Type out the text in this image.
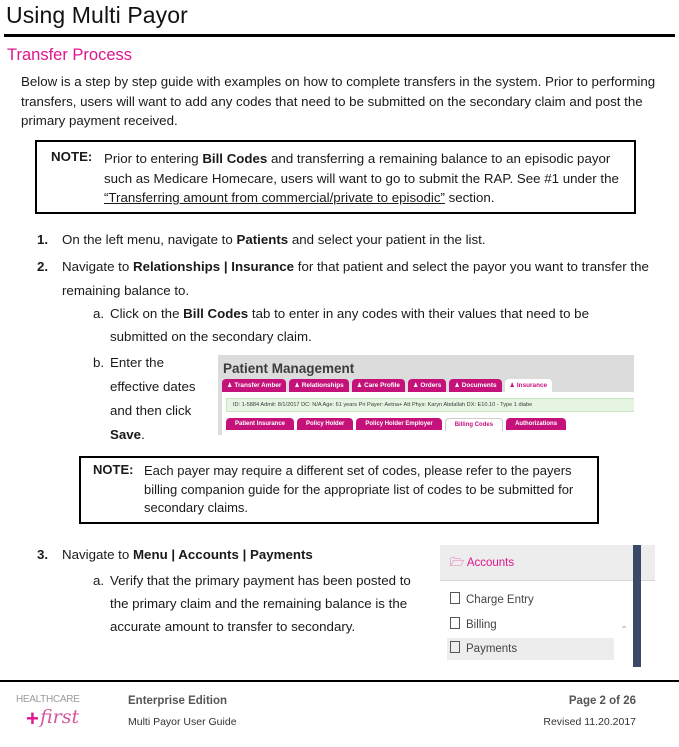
Using Multi Payor
Transfer Process
Below is a step by step guide with examples on how to complete transfers in the system. Prior to performing transfers, users will want to add any codes that need to be submitted on the secondary claim and post the primary payment received.
NOTE: Prior to entering Bill Codes and transferring a remaining balance to an episodic payor such as Medicare Homecare, users will want to go to submit the RAP. See #1 under the “Transferring amount from commercial/private to episodic” section.
1. On the left menu, navigate to Patients and select your patient in the list.
2. Navigate to Relationships | Insurance for that patient and select the payor you want to transfer the remaining balance to.
a. Click on the Bill Codes tab to enter in any codes with their values that need to be submitted on the secondary claim.
b. Enter the
effective dates
and then click
Save.
Patient Management
♟ Transfer Amber	♟ Relationships	♟ Care Profile	♟ Orders	♟ Documents	♟ Insurance
ID: 1-5884 Admit: 8/1/2017 DC: N/A Age: 61 years Pri Payer: Aetna+ Att Phys: Karyn Abdallah DX: E10.10 - Type 1 diabe
Patient Insurance	Policy Holder	Policy Holder Employer	Billing Codes	Authorizations
NOTE: Each payer may require a different set of codes, please refer to the payers billing companion guide for the appropriate list of codes to be submitted for secondary claims.
3. Navigate to Menu | Accounts | Payments
a. Verify that the primary payment has been posted to
the primary claim and the remaining balance is the
accurate amount to transfer to secondary.
🗁 Accounts
Charge Entry
Billing
Payments
⌃
HEALTHCARE
+ first
Enterprise Edition
Multi Payor User Guide
Page 2 of 26
Revised 11.20.2017
